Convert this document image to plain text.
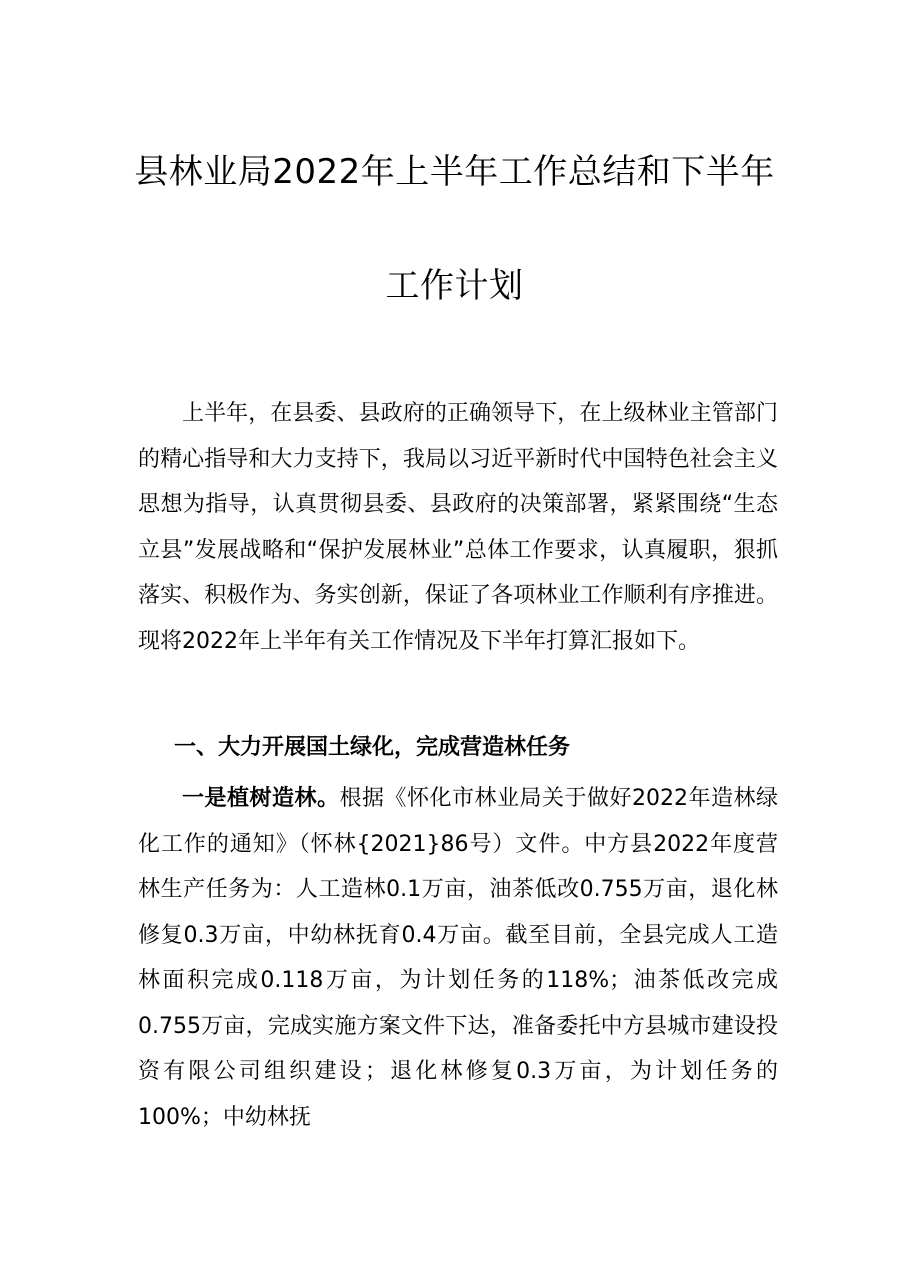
县林业局2022年上半年工作总结和下半年
工作计划
上半年，在县委、县政府的正确领导下，在上级林业主管部门的精心指导和大力支持下，我局以习近平新时代中国特色社会主义思想为指导，认真贯彻县委、县政府的决策部署，紧紧围绕“生态立县”发展战略和“保护发展林业”总体工作要求，认真履职，狠抓落实、积极作为、务实创新，保证了各项林业工作顺利有序推进。现将2022年上半年有关工作情况及下半年打算汇报如下。
一、大力开展国土绿化，完成营造林任务
一是植树造林。根据《怀化市林业局关于做好2022年造林绿化工作的通知》（怀林{2021}86号）文件。中方县2022年度营林生产任务为：人工造林0.1万亩，油茶低改0.755万亩，退化林修复0.3万亩，中幼林抚育0.4万亩。截至目前，全县完成人工造林面积完成0.118万亩，为计划任务的118%；油茶低改完成0.755万亩，完成实施方案文件下达，准备委托中方县城市建设投资有限公司组织建设；退化林修复0.3万亩，为计划任务的100%；中幼林抚
